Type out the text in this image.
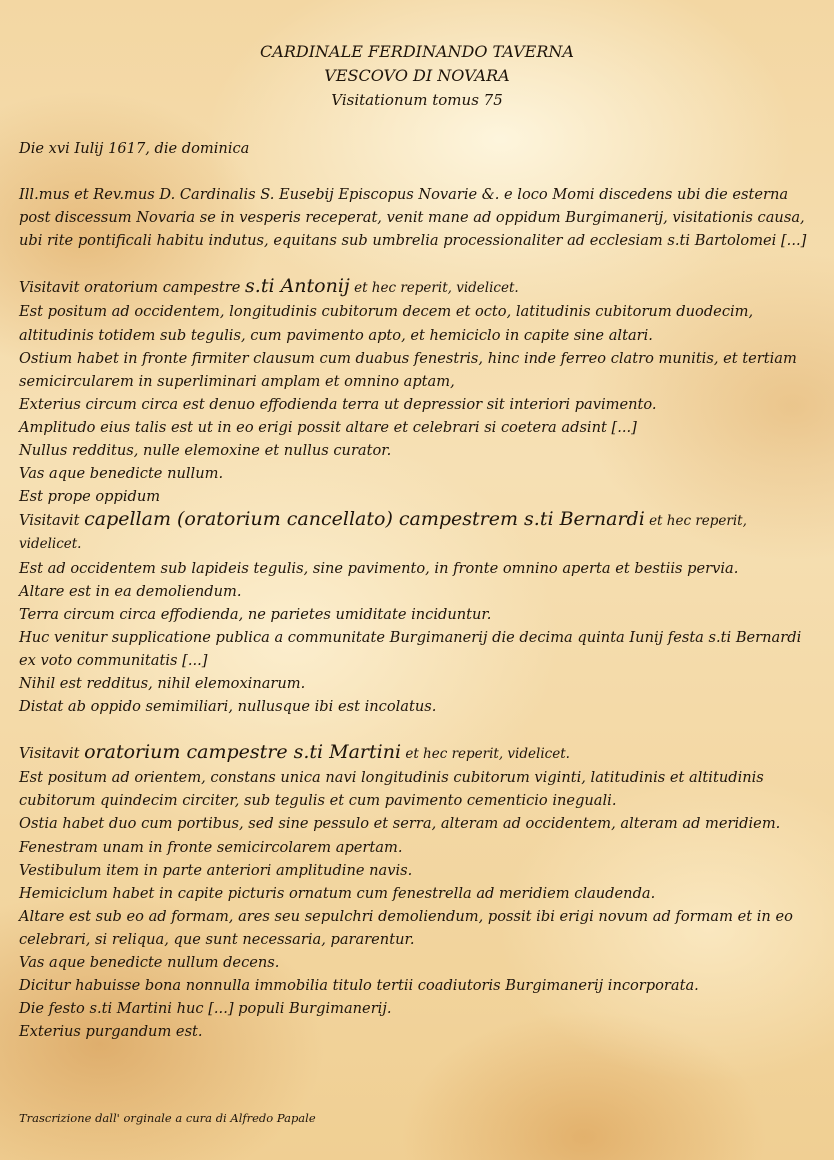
CARDINALE FERDINANDO TAVERNA
VESCOVO DI NOVARA
Visitationum tomus 75

Die xvi Iulij 1617, die dominica

Ill.mus et Rev.mus D. Cardinalis S. Eusebij Episcopus Novarie &. e loco Momi discedens ubi die esterna

post discessum Novaria se in vesperis receperat, venit mane ad oppidum Burgimanerij, visitationis causa,

ubi rite pontificali habitu indutus, equitans sub umbrelia processionaliter ad ecclesiam s.ti Bartolomei [...]

Visitavit oratorium campestre s.ti Antonij et hec reperit, videlicet.

Est positum ad occidentem, longitudinis cubitorum decem et octo, latitudinis cubitorum duodecim,

altitudinis totidem sub tegulis, cum pavimento apto, et hemiciclo in capite sine altari.

Ostium habet in fronte firmiter clausum cum duabus fenestris, hinc inde ferreo clatro munitis, et tertiam

semicircularem in superliminari amplam et omnino aptam,

Exterius circum circa est denuo effodienda terra ut depressior sit interiori pavimento.

Amplitudo eius talis est ut in eo erigi possit altare et celebrari si coetera adsint [...]

Nullus redditus, nulle elemoxine et nullus curator.

Vas aque benedicte nullum.

Est prope oppidum

Visitavit capellam (oratorium cancellato) campestrem s.ti Bernardi et hec reperit,

videlicet.

Est ad occidentem sub lapideis tegulis, sine pavimento, in fronte omnino aperta et bestiis pervia.

Altare est in ea demoliendum.

Terra circum circa effodienda, ne parietes umiditate inciduntur.

Huc venitur supplicatione publica a communitate Burgimanerij die decima quinta Iunij festa s.ti Bernardi

ex voto communitatis [...]

Nihil est redditus, nihil elemoxinarum.

Distat ab oppido semimiliari, nullusque ibi est incolatus.

Visitavit oratorium campestre s.ti Martini et hec reperit, videlicet.

Est positum ad orientem, constans unica navi longitudinis cubitorum viginti, latitudinis et altitudinis

cubitorum quindecim circiter, sub tegulis et cum pavimento cementicio ineguali.

Ostia habet duo cum portibus, sed sine pessulo et serra, alteram ad occidentem, alteram ad meridiem.

Fenestram unam in fronte semicircolarem apertam.

Vestibulum item in parte anteriori amplitudine navis.

Hemiciclum habet in capite picturis ornatum cum fenestrella ad meridiem claudenda.

Altare est sub eo ad formam, ares seu sepulchri demoliendum, possit ibi erigi novum ad formam et in eo

celebrari, si reliqua, que sunt necessaria, pararentur.

Vas aque benedicte nullum decens.

Dicitur habuisse bona nonnulla immobilia titulo tertii coadiutoris Burgimanerij incorporata.

Die festo s.ti Martini huc [...] populi Burgimanerij.

Exterius purgandum est.

Trascrizione dall' orginale a cura di Alfredo Papale
